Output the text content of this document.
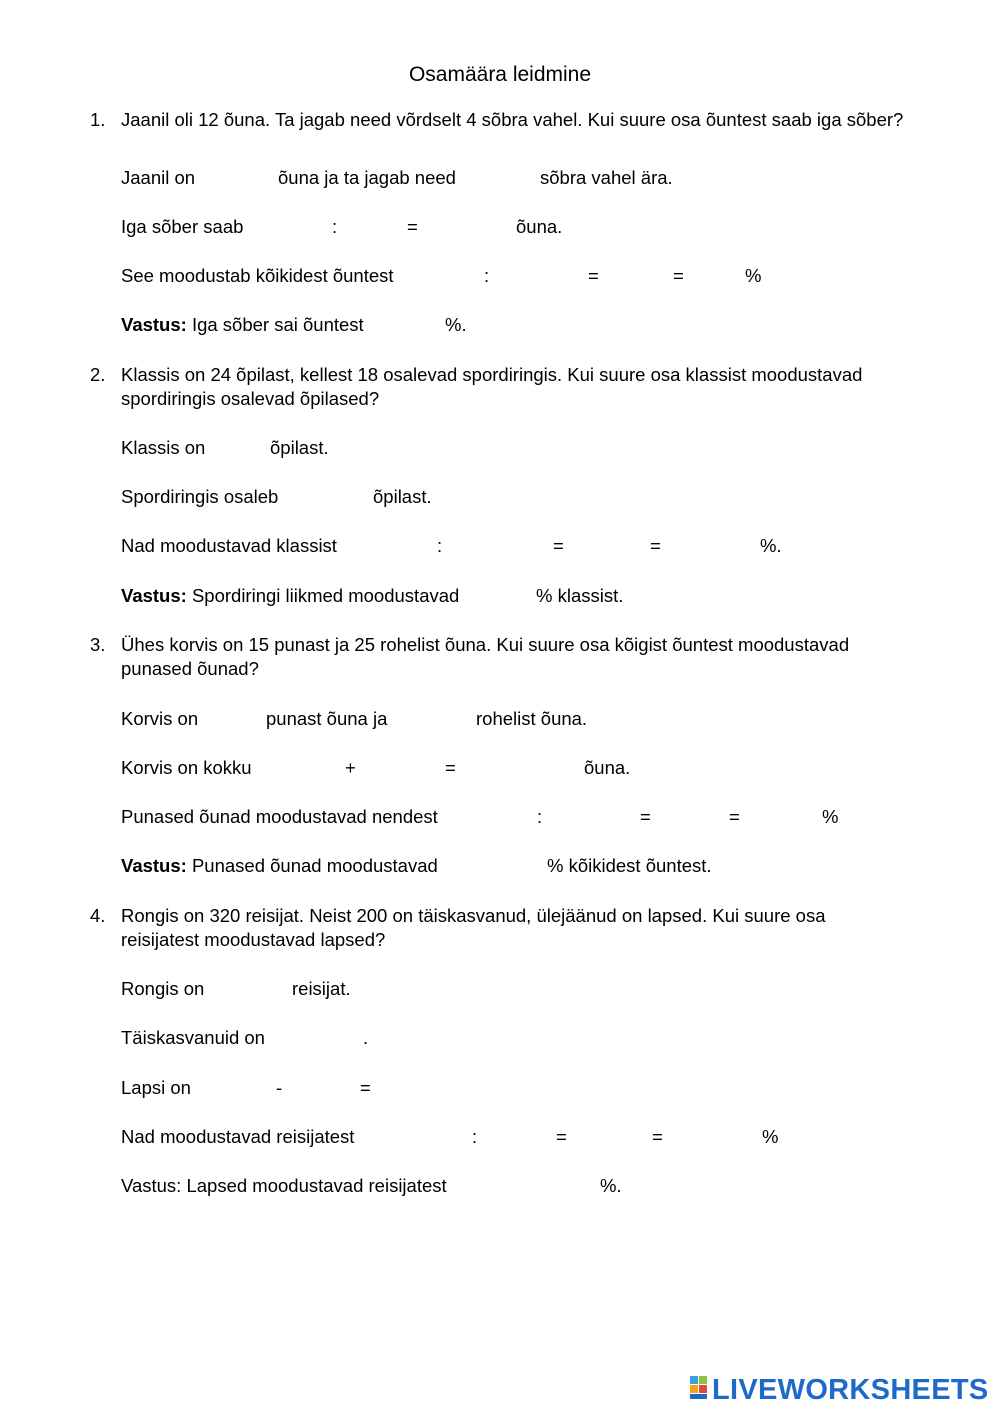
Osamäära leidmine
1. Jaanil oli 12 õuna. Ta jagab need võrdselt 4 sõbra vahel. Kui suure osa õuntest saab iga sõber?
Jaanil on	õuna ja ta jagab need	sõbra vahel ära.
Iga sõber saab	:	=	õuna.
See moodustab kõikidest õuntest	:	=	=	%
Vastus: Iga sõber sai õuntest	%.
2. Klassis on 24 õpilast, kellest 18 osalevad spordiringis. Kui suure osa klassist moodustavad
spordiringis osalevad õpilased?
Klassis on	õpilast.
Spordiringis osaleb	õpilast.
Nad moodustavad klassist	:	=	=	%.
Vastus: Spordiringi liikmed moodustavad	% klassist.
3. Ühes korvis on 15 punast ja 25 rohelist õuna. Kui suure osa kõigist õuntest moodustavad
punased õunad?
Korvis on	punast õuna ja	rohelist õuna.
Korvis on kokku	+	=	õuna.
Punased õunad moodustavad nendest	:	=	=	%
Vastus: Punased õunad moodustavad	% kõikidest õuntest.
4. Rongis on 320 reisijat. Neist 200 on täiskasvanud, ülejäänud on lapsed. Kui suure osa
reisijatest moodustavad lapsed?
Rongis on	reisijat.
Täiskasvanuid on	.
Lapsi on	-	=
Nad moodustavad reisijatest	:	=	=	%
Vastus: Lapsed moodustavad reisijatest	%.
LIVEWORKSHEETS
